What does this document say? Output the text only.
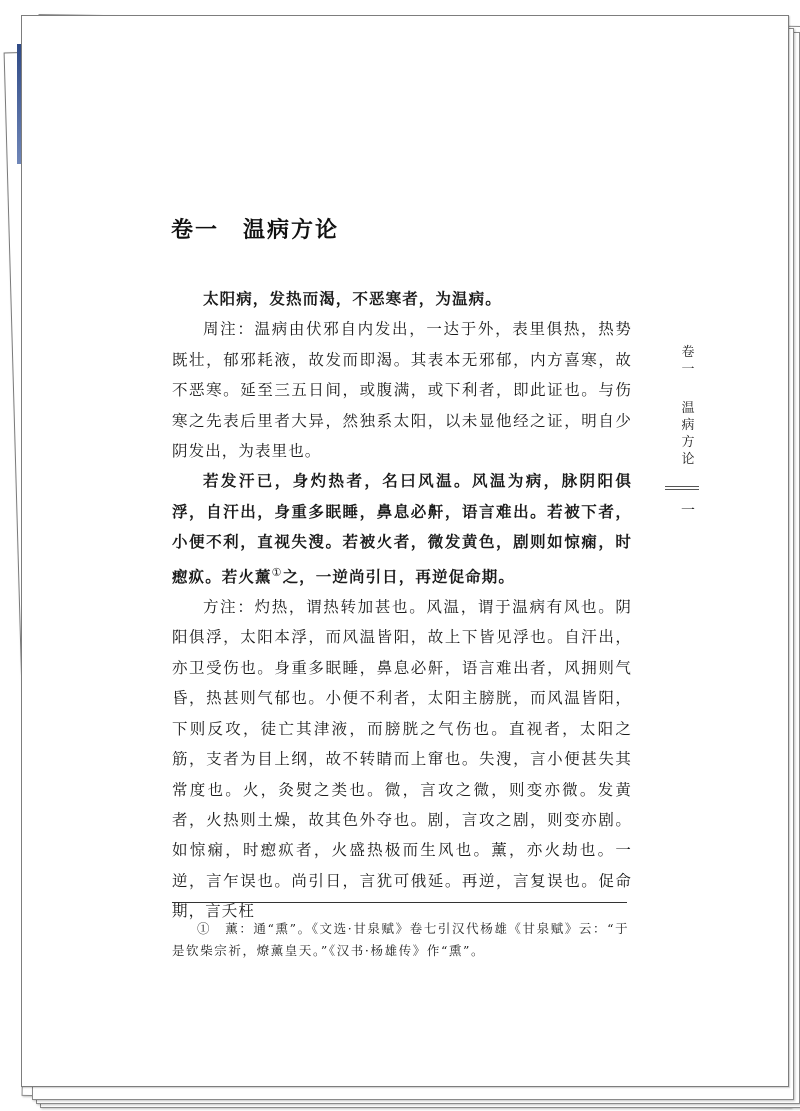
卷一　温病方论

太阳病，发热而渴，不恶寒者，为温病。

周注：温病由伏邪自内发出，一达于外，表里俱热，热势既壮，郁邪耗液，故发而即渴。其表本无邪郁，内方喜寒，故不恶寒。延至三五日间，或腹满，或下利者，即此证也。与伤寒之先表后里者大异，然独系太阳，以未显他经之证，明自少阴发出，为表里也。

若发汗已，身灼热者，名曰风温。风温为病，脉阴阳俱浮，自汗出，身重多眠睡，鼻息必鼾，语言难出。若被下者，小便不利，直视失溲。若被火者，微发黄色，剧则如惊痫，时瘛疭。若火薰①之，一逆尚引日，再逆促命期。

方注：灼热，谓热转加甚也。风温，谓于温病有风也。阴阳俱浮，太阳本浮，而风温皆阳，故上下皆见浮也。自汗出，亦卫受伤也。身重多眠睡，鼻息必鼾，语言难出者，风拥则气昏，热甚则气郁也。小便不利者，太阳主膀胱，而风温皆阳，下则反攻，徒亡其津液，而膀胱之气伤也。直视者，太阳之筋，支者为目上纲，故不转睛而上窜也。失溲，言小便甚失其常度也。火，灸熨之类也。微，言攻之微，则变亦微。发黄者，火热则土燥，故其色外夺也。剧，言攻之剧，则变亦剧。如惊痫，时瘛疭者，火盛热极而生风也。薰，亦火劫也。一逆，言乍误也。尚引日，言犹可俄延。再逆，言复误也。促命期，言夭枉

①　 薰：通“熏”。《文选·甘泉赋》卷七引汉代杨雄《甘泉赋》云：“于是钦柴宗祈，燎薰皇天。”《汉书·杨雄传》作“熏”。
卷
一
温
病
方
论
一
